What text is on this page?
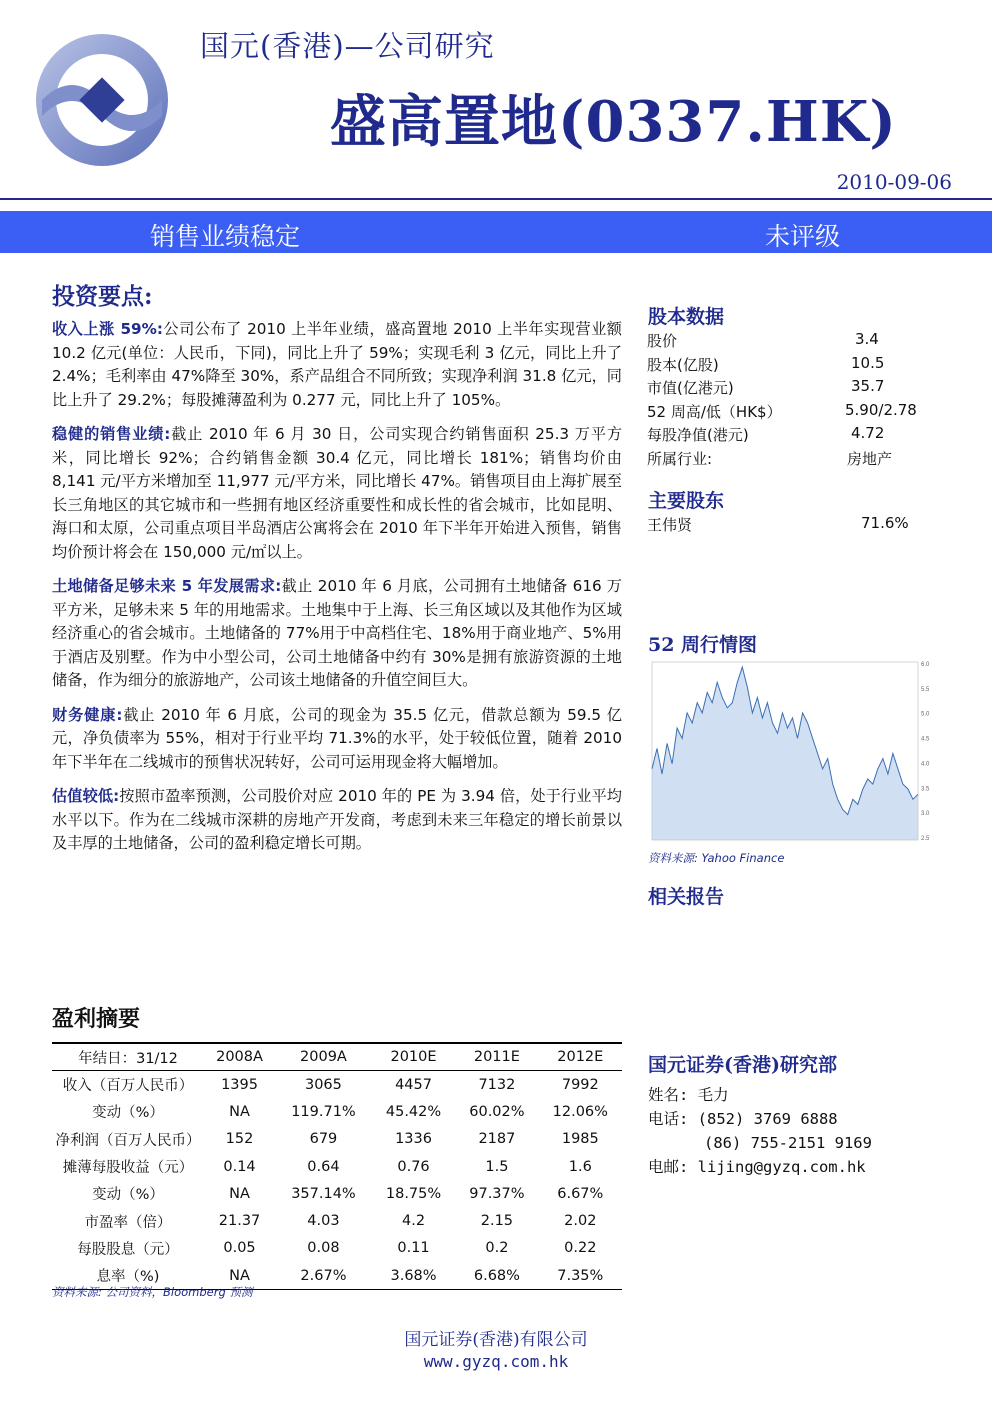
国元(香港)—公司研究
盛高置地(0337.HK)
2010-09-06
销售业绩稳定	未评级
投资要点:

收入上涨 59%:公司公布了 2010 上半年业绩，盛高置地 2010 上半年实现营业额 10.2 亿元(单位：人民币，下同)，同比上升了 59%；实现毛利 3 亿元，同比上升了 2.4%；毛利率由 47%降至 30%，系产品组合不同所致；实现净利润 31.8 亿元，同比上升了 29.2%；每股摊薄盈利为 0.277 元，同比上升了 105%。

稳健的销售业绩:截止 2010 年 6 月 30 日，公司实现合约销售面积 25.3 万平方米，同比增长 92%；合约销售金额 30.4 亿元，同比增长 181%；销售均价由 8,141 元/平方米增加至 11,977 元/平方米，同比增长 47%。销售项目由上海扩展至长三角地区的其它城市和一些拥有地区经济重要性和成长性的省会城市，比如昆明、海口和太原，公司重点项目半岛酒店公寓将会在 2010 年下半年开始进入预售，销售均价预计将会在 150,000 元/㎡以上。

土地储备足够未来 5 年发展需求:截止 2010 年 6 月底，公司拥有土地储备 616 万平方米，足够未来 5 年的用地需求。土地集中于上海、长三角区域以及其他作为区域经济重心的省会城市。土地储备的 77%用于中高档住宅、18%用于商业地产、5%用于酒店及别墅。作为中小型公司，公司土地储备中约有 30%是拥有旅游资源的土地储备，作为细分的旅游地产，公司该土地储备的升值空间巨大。

财务健康:截止 2010 年 6 月底，公司的现金为 35.5 亿元，借款总额为 59.5 亿元，净负债率为 55%，相对于行业平均 71.3%的水平，处于较低位置，随着 2010 年下半年在二线城市的预售状况转好，公司可运用现金将大幅增加。

估值较低:按照市盈率预测，公司股价对应 2010 年的 PE 为 3.94 倍，处于行业平均水平以下。作为在二线城市深耕的房地产开发商，考虑到未来三年稳定的增长前景以及丰厚的土地储备，公司的盈利稳定增长可期。

股本数据
股价	3.4
股本(亿股)	10.5
市值(亿港元)	35.7
52 周高/低（HK$）	5.90/2.78
每股净值(港元)	4.72
所属行业:	房地产
主要股东
王伟贤	71.6%
52 周行情图
6.0
5.5
5.0
4.5
4.0
3.5
3.0
2.5
资料来源: Yahoo Finance
相关报告
盈利摘要
年结日：31/12	2008A	2009A	2010E	2011E	2012E
收入（百万人民币）	1395	3065	4457	7132	7992
变动（%）	NA	119.71%	45.42%	60.02%	12.06%
净利润（百万人民币）	152	679	1336	2187	1985
摊薄每股收益（元）	0.14	0.64	0.76	1.5	1.6
变动（%）	NA	357.14%	18.75%	97.37%	6.67%
市盈率（倍）	21.37	4.03	4.2	2.15	2.02
每股股息（元）	0.05	0.08	0.11	0.2	0.22
息率（%)	NA	2.67%	3.68%	6.68%	7.35%
资料来源: 公司资料，Bloomberg 预测
国元证券(香港)研究部
姓名: 毛力
电话: (852) 3769 6888
(86) 755-2151 9169
电邮: lijing@gyzq.com.hk
国元证券(香港)有限公司
www.gyzq.com.hk
